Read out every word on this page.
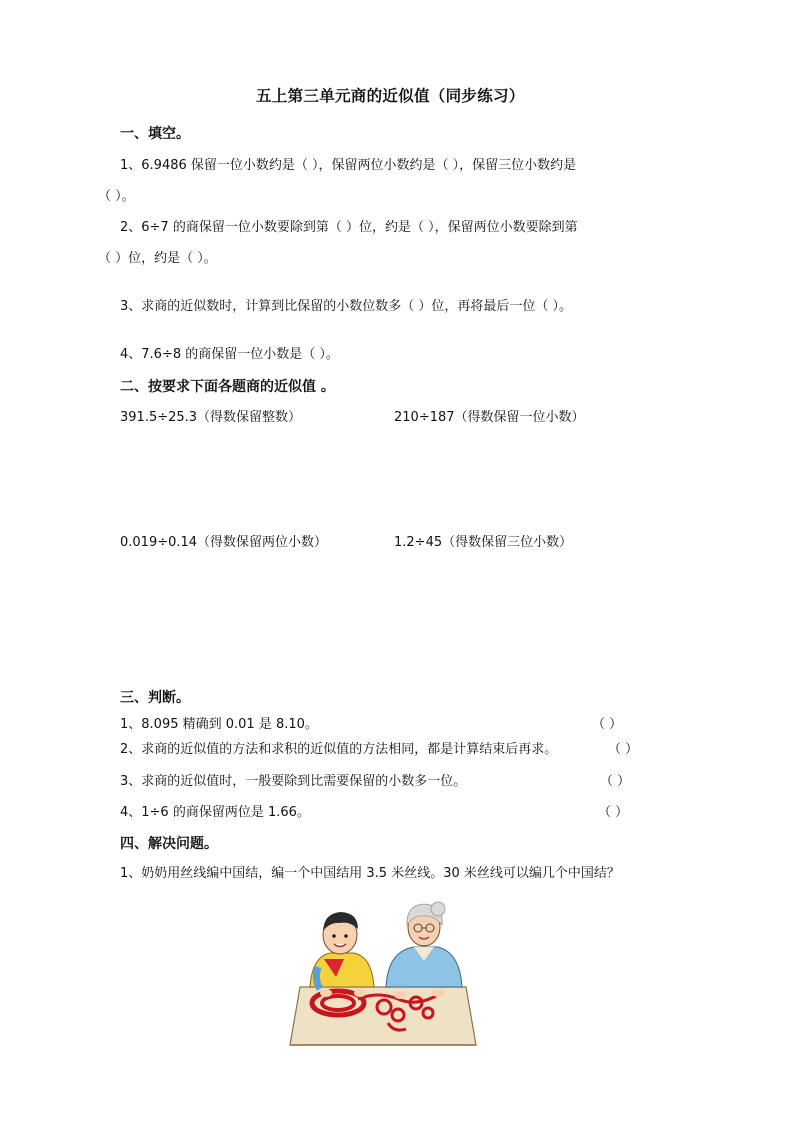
五上第三单元商的近似值（同步练习）
一、填空。
1、6.9486 保留一位小数约是（ ），保留两位小数约是（ ），保留三位小数约是
（ ）。
2、6÷7 的商保留一位小数要除到第（ ）位，约是（ ），保留两位小数要除到第
（ ）位，约是（ ）。
3、求商的近似数时，计算到比保留的小数位数多（ ）位，再将最后一位（ ）。
4、7.6÷8 的商保留一位小数是（ ）。
二、按要求下面各题商的近似值 。
391.5÷25.3（得数保留整数）	210÷187（得数保留一位小数）
0.019÷0.14（得数保留两位小数）	1.2÷45（得数保留三位小数）
三、判断。
1、8.095 精确到 0.01 是 8.10。	（ ）
2、求商的近似值的方法和求积的近似值的方法相同，都是计算结束后再求。	（ ）
3、求商的近似值时，一般要除到比需要保留的小数多一位。	（ ）
4、1÷6 的商保留两位是 1.66。	（ ）
四、解决问题。
1、奶奶用丝线编中国结，编一个中国结用 3.5 米丝线。30 米丝线可以编几个中国结？
